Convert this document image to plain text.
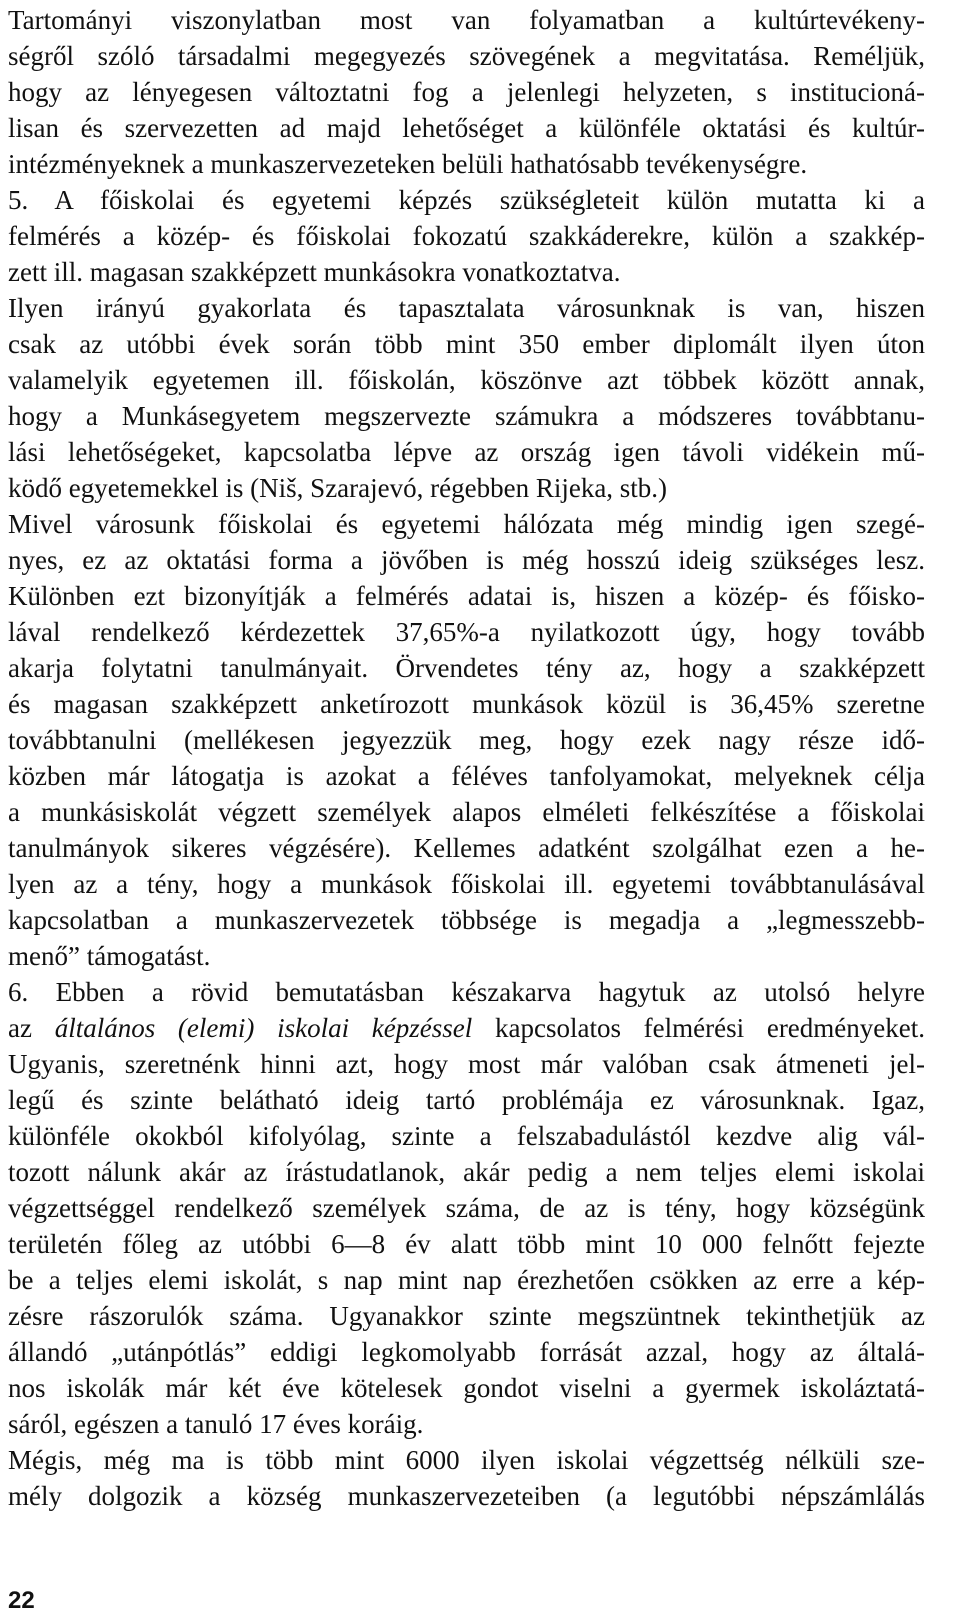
Tartományi viszonylatban most van folyamatban a kultúrtevékeny-
ségről szóló társadalmi megegyezés szövegének a megvitatása. Reméljük,
hogy az lényegesen változtatni fog a jelenlegi helyzeten, s institucioná-
lisan és szervezetten ad majd lehetőséget a különféle oktatási és kultúr-
intézményeknek a munkaszervezeteken belüli hathatósabb tevékenységre.
5. A főiskolai és egyetemi képzés szükségleteit külön mutatta ki a
felmérés a közép- és főiskolai fokozatú szakkáderekre, külön a szakkép-
zett ill. magasan szakképzett munkásokra vonatkoztatva.
Ilyen irányú gyakorlata és tapasztalata városunknak is van, hiszen
csak az utóbbi évek során több mint 350 ember diplomált ilyen úton
valamelyik egyetemen ill. főiskolán, köszönve azt többek között annak,
hogy a Munkásegyetem megszervezte számukra a módszeres továbbtanu-
lási lehetőségeket, kapcsolatba lépve az ország igen távoli vidékein mű-
ködő egyetemekkel is (Niš, Szarajevó, régebben Rijeka, stb.)
Mivel városunk főiskolai és egyetemi hálózata még mindig igen szegé-
nyes, ez az oktatási forma a jövőben is még hosszú ideig szükséges lesz.
Különben ezt bizonyítják a felmérés adatai is, hiszen a közép- és főisko-
lával rendelkező kérdezettek 37,65%-a nyilatkozott úgy, hogy tovább
akarja folytatni tanulmányait. Örvendetes tény az, hogy a szakképzett
és magasan szakképzett anketírozott munkások közül is 36,45% szeretne
továbbtanulni (mellékesen jegyezzük meg, hogy ezek nagy része idő-
közben már látogatja is azokat a féléves tanfolyamokat, melyeknek célja
a munkásiskolát végzett személyek alapos elméleti felkészítése a főiskolai
tanulmányok sikeres végzésére). Kellemes adatként szolgálhat ezen a he-
lyen az a tény, hogy a munkások főiskolai ill. egyetemi továbbtanulásával
kapcsolatban a munkaszervezetek többsége is megadja a „legmesszebb-
menő” támogatást.
6. Ebben a rövid bemutatásban készakarva hagytuk az utolsó helyre
az általános (elemi) iskolai képzéssel kapcsolatos felmérési eredményeket.
Ugyanis, szeretnénk hinni azt, hogy most már valóban csak átmeneti jel-
legű és szinte belátható ideig tartó problémája ez városunknak. Igaz,
különféle okokból kifolyólag, szinte a felszabadulástól kezdve alig vál-
tozott nálunk akár az írástudatlanok, akár pedig a nem teljes elemi iskolai
végzettséggel rendelkező személyek száma, de az is tény, hogy községünk
területén főleg az utóbbi 6—8 év alatt több mint 10 000 felnőtt fejezte
be a teljes elemi iskolát, s nap mint nap érezhetően csökken az erre a kép-
zésre rászorulók száma. Ugyanakkor szinte megszüntnek tekinthetjük az
állandó „utánpótlás” eddigi legkomolyabb forrását azzal, hogy az általá-
nos iskolák már két éve kötelesek gondot viselni a gyermek iskoláztatá-
sáról, egészen a tanuló 17 éves koráig.
Mégis, még ma is több mint 6000 ilyen iskolai végzettség nélküli sze-
mély dolgozik a község munkaszervezeteiben (a legutóbbi népszámlálás
22
